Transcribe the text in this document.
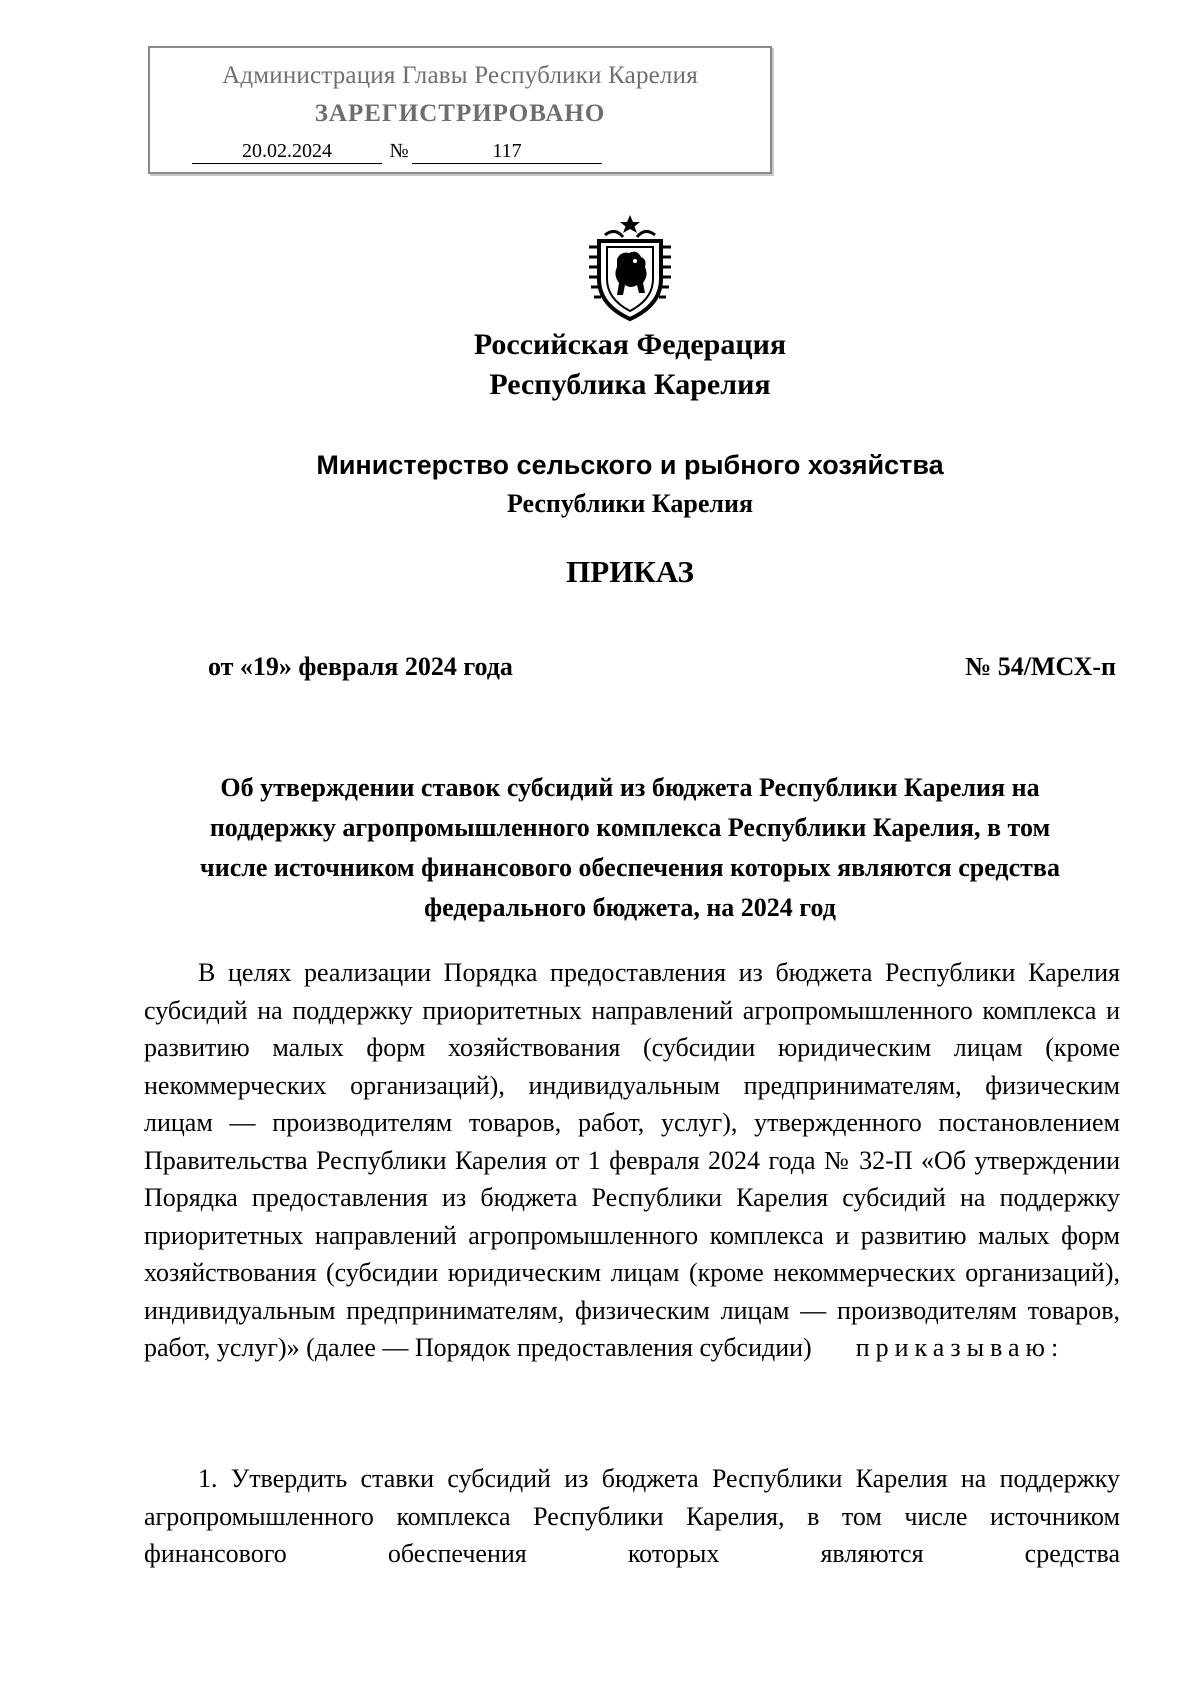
Администрация Главы Республики Карелия
ЗАРЕГИСТРИРОВАНО
20.02.2024	№	117
Российская Федерация
Республика Карелия
Министерство сельского и рыбного хозяйства
Республики Карелия
ПРИКАЗ
от «19» февраля 2024 года	№ 54/МСХ-п
Об утверждении ставок субсидий из бюджета Республики Карелия на
поддержку агропромышленного комплекса Республики Карелия, в том
числе источником финансового обеспечения которых являются средства
федерального бюджета, на 2024 год
В целях реализации Порядка предоставления из бюджета Республики Карелия субсидий на поддержку приоритетных направлений агропромышленного комплекса и развитию малых форм хозяйствования (субсидии юридическим лицам (кроме некоммерческих организаций), индивидуальным предпринимателям, физическим лицам — производителям товаров, работ, услуг), утвержденного постановлением Правительства Республики Карелия от 1 февраля 2024 года № 32-П «Об утверждении Порядка предоставления из бюджета Республики Карелия субсидий на поддержку приоритетных направлений агропромышленного комплекса и развитию малых форм хозяйствования (субсидии юридическим лицам (кроме некоммерческих организаций), индивидуальным предпринимателям, физическим лицам — производителям товаров, работ, услуг)» (далее — Порядок предоставления субсидии) приказываю:
1. Утвердить ставки субсидий из бюджета Республики Карелия на поддержку агропромышленного комплекса Республики Карелия, в том числе источником финансового обеспечения которых являются средства
